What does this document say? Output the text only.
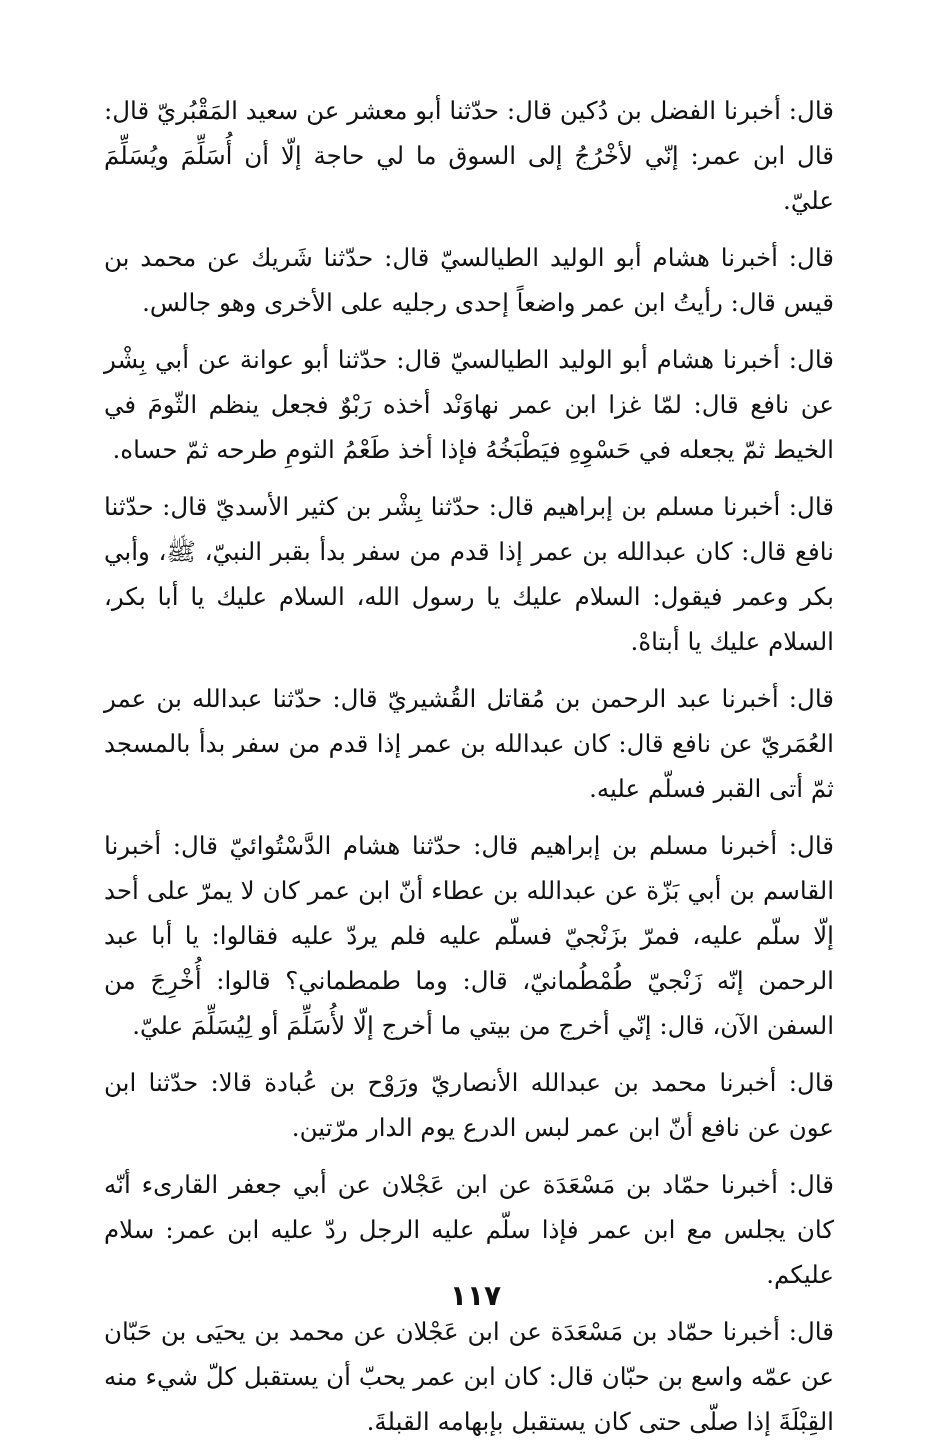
قال: أخبرنا الفضل بن دُكين قال: حدّثنا أبو معشر عن سعيد المَقْبُريّ قال: قال ابن عمر: إنّي لأخْرُجُ إلى السوق ما لي حاجة إلّا أن أُسَلِّمَ ويُسَلِّمَ عليّ.

قال: أخبرنا هشام أبو الوليد الطيالسيّ قال: حدّثنا شَريك عن محمد بن قيس قال: رأيتُ ابن عمر واضعاً إحدى رجليه على الأخرى وهو جالس.

قال: أخبرنا هشام أبو الوليد الطيالسيّ قال: حدّثنا أبو عوانة عن أبي بِشْر عن نافع قال: لمّا غزا ابن عمر نهاوَنْد أخذه رَبْوٌ فجعل ينظم الثّومَ في الخيط ثمّ يجعله في حَسْوِهِ فيَطْبَخُهُ فإذا أخذ طَعْمُ الثومِ طرحه ثمّ حساه.

قال: أخبرنا مسلم بن إبراهيم قال: حدّثنا بِشْر بن كثير الأسديّ قال: حدّثنا نافع قال: كان عبدالله بن عمر إذا قدم من سفر بدأ بقبر النبيّ، ﷺ، وأبي بكر وعمر فيقول: السلام عليك يا رسول الله، السلام عليك يا أبا بكر، السلام عليك يا أبتاهْ.

قال: أخبرنا عبد الرحمن بن مُقاتل القُشيريّ قال: حدّثنا عبدالله بن عمر العُمَريّ عن نافع قال: كان عبدالله بن عمر إذا قدم من سفر بدأ بالمسجد ثمّ أتى القبر فسلّم عليه.

قال: أخبرنا مسلم بن إبراهيم قال: حدّثنا هشام الدَّسْتُوائيّ قال: أخبرنا القاسم بن أبي بَزّة عن عبدالله بن عطاء أنّ ابن عمر كان لا يمرّ على أحد إلّا سلّم عليه، فمرّ بزَنْجيّ فسلّم عليه فلم يردّ عليه فقالوا: يا أبا عبد الرحمن إنّه زَنْجيّ طُمْطُمانيّ، قال: وما طمطماني؟ قالوا: أُخْرِجَ من السفن الآن، قال: إنّي أخرج من بيتي ما أخرج إلّا لأُسَلِّمَ أو لِيُسَلِّمَ عليّ.

قال: أخبرنا محمد بن عبدالله الأنصاريّ ورَوْح بن عُبادة قالا: حدّثنا ابن عون عن نافع أنّ ابن عمر لبس الدرع يوم الدار مرّتين.

قال: أخبرنا حمّاد بن مَسْعَدَة عن ابن عَجْلان عن أبي جعفر القارىء أنّه كان يجلس مع ابن عمر فإذا سلّم عليه الرجل ردّ عليه ابن عمر: سلام عليكم.

قال: أخبرنا حمّاد بن مَسْعَدَة عن ابن عَجْلان عن محمد بن يحيَى بن حَبّان عن عمّه واسع بن حبّان قال: كان ابن عمر يحبّ أن يستقبل كلّ شيء منه القِبْلَةَ إذا صلّى حتى كان يستقبل بإبهامه القبلةَ.

١١٧
